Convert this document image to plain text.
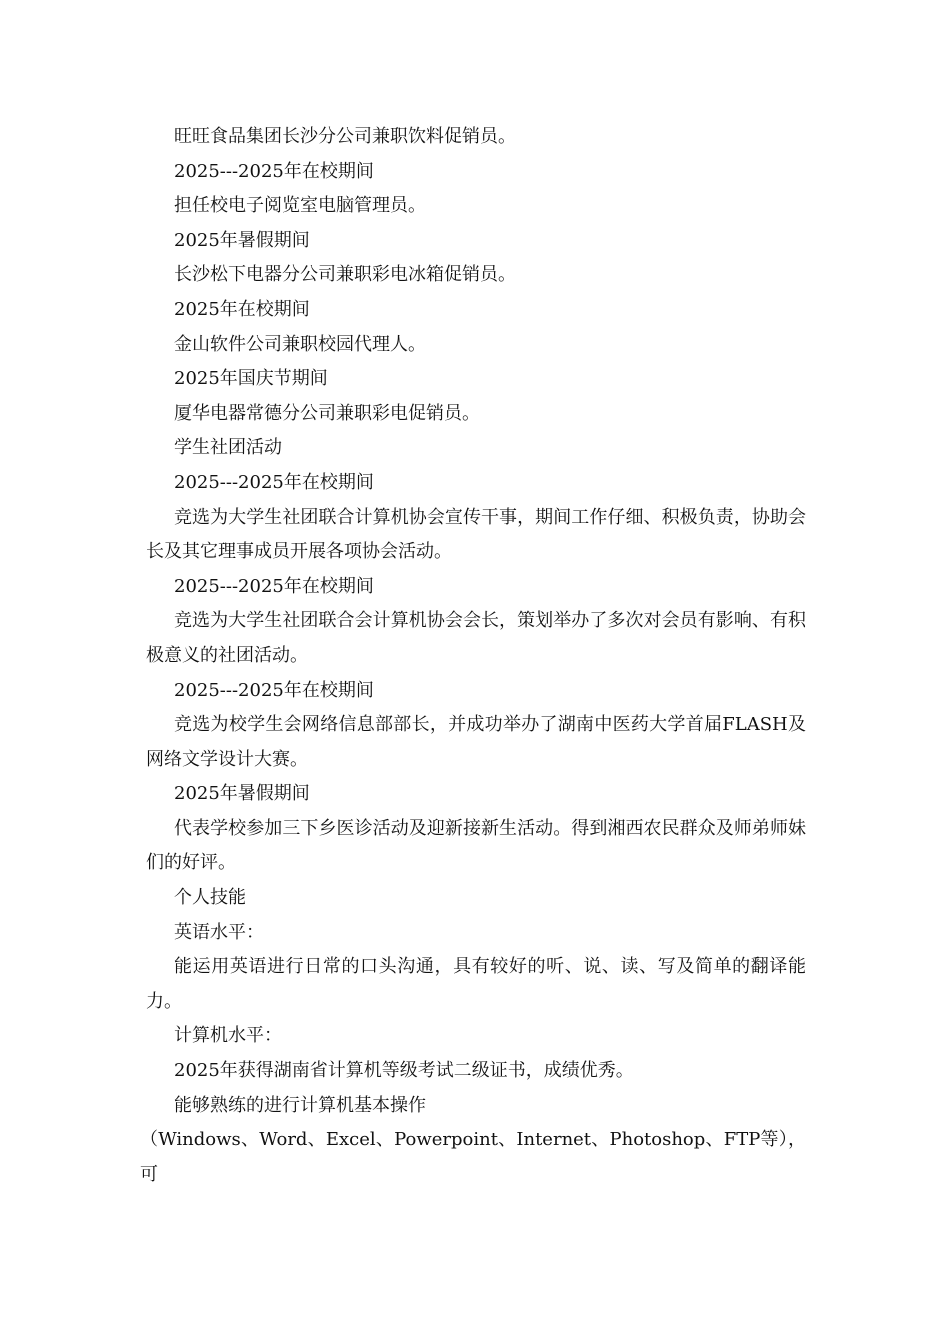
旺旺食品集团长沙分公司兼职饮料促销员。

2025---2025年在校期间

担任校电子阅览室电脑管理员。

2025年暑假期间

长沙松下电器分公司兼职彩电冰箱促销员。

2025年在校期间

金山软件公司兼职校园代理人。

2025年国庆节期间

厦华电器常德分公司兼职彩电促销员。

学生社团活动

2025---2025年在校期间

竞选为大学生社团联合计算机协会宣传干事，期间工作仔细、积极负责，协助会长及其它理事成员开展各项协会活动。

2025---2025年在校期间

竞选为大学生社团联合会计算机协会会长，策划举办了多次对会员有影响、有积极意义的社团活动。

2025---2025年在校期间

竞选为校学生会网络信息部部长，并成功举办了湖南中医药大学首届FLASH及网络文学设计大赛。

2025年暑假期间

代表学校参加三下乡医诊活动及迎新接新生活动。得到湘西农民群众及师弟师妹们的好评。

个人技能

英语水平：

能运用英语进行日常的口头沟通，具有较好的听、说、读、写及简单的翻译能力。

计算机水平：

2025年获得湖南省计算机等级考试二级证书，成绩优秀。

能够熟练的进行计算机基本操作

（Windows、Word、Excel、Powerpoint、Internet、Photoshop、FTP等），可
